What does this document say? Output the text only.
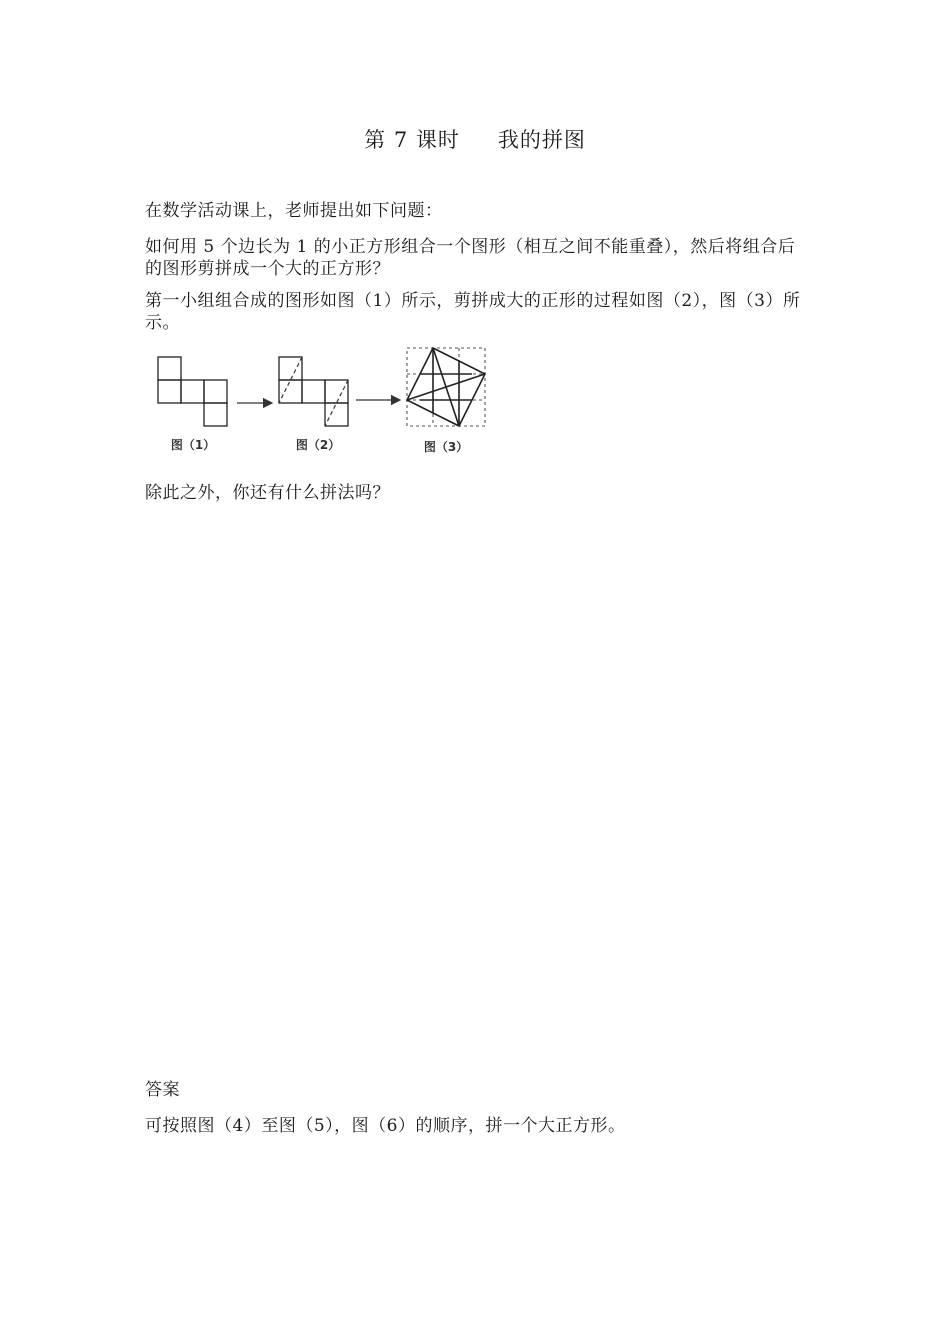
第 7 课时 我的拼图
在数学活动课上，老师提出如下问题：
如何用 5 个边长为 1 的小正方形组合一个图形（相互之间不能重叠），然后将组合后的图形剪拼成一个大的正方形？
第一小组组合成的图形如图（1）所示，剪拼成大的正形的过程如图（2），图（3）所示。
图（1）	图（2）	图（3）
除此之外，你还有什么拼法吗？
答案
可按照图（4）至图（5），图（6）的顺序，拼一个大正方形。
